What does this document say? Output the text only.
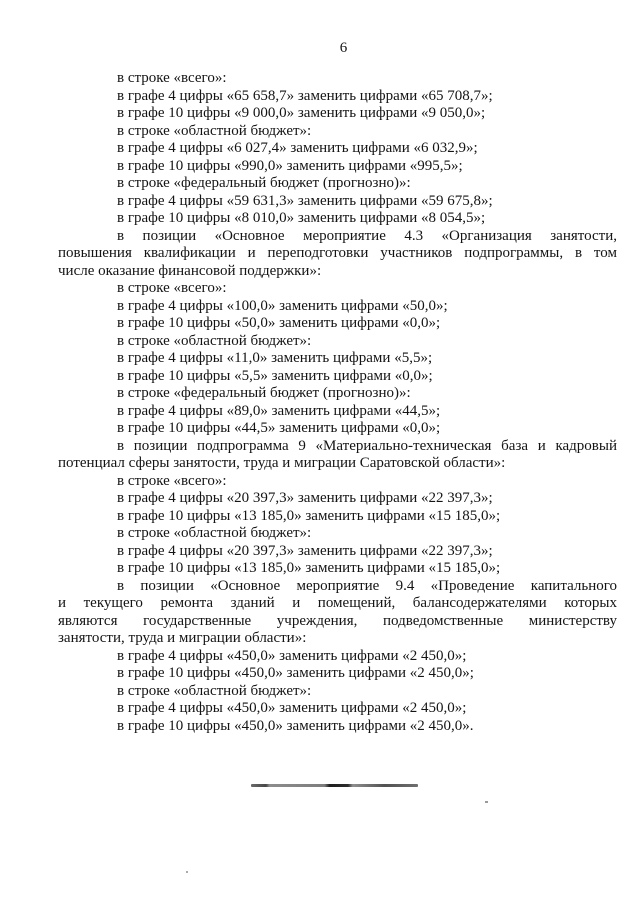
6
в строке «всего»:
в графе 4 цифры «65 658,7» заменить цифрами «65 708,7»;
в графе 10 цифры «9 000,0» заменить цифрами «9 050,0»;
в строке «областной бюджет»:
в графе 4 цифры «6 027,4» заменить цифрами «6 032,9»;
в графе 10 цифры «990,0» заменить цифрами «995,5»;
в строке «федеральный бюджет (прогнозно)»:
в графе 4 цифры «59 631,3» заменить цифрами «59 675,8»;
в графе 10 цифры «8 010,0» заменить цифрами «8 054,5»;
в позиции «Основное мероприятие 4.3 «Организация занятости,
повышения квалификации и переподготовки участников подпрограммы, в том
числе оказание финансовой поддержки»:
в строке «всего»:
в графе 4 цифры «100,0» заменить цифрами «50,0»;
в графе 10 цифры «50,0» заменить цифрами «0,0»;
в строке «областной бюджет»:
в графе 4 цифры «11,0» заменить цифрами «5,5»;
в графе 10 цифры «5,5» заменить цифрами «0,0»;
в строке «федеральный бюджет (прогнозно)»:
в графе 4 цифры «89,0» заменить цифрами «44,5»;
в графе 10 цифры «44,5» заменить цифрами «0,0»;
в позиции подпрограмма 9 «Материально-техническая база и кадровый
потенциал сферы занятости, труда и миграции Саратовской области»:
в строке «всего»:
в графе 4 цифры «20 397,3» заменить цифрами «22 397,3»;
в графе 10 цифры «13 185,0» заменить цифрами «15 185,0»;
в строке «областной бюджет»:
в графе 4 цифры «20 397,3» заменить цифрами «22 397,3»;
в графе 10 цифры «13 185,0» заменить цифрами «15 185,0»;
в позиции «Основное мероприятие 9.4 «Проведение капитального
и текущего ремонта зданий и помещений, балансодержателями которых
являются государственные учреждения, подведомственные министерству
занятости, труда и миграции области»:
в графе 4 цифры «450,0» заменить цифрами «2 450,0»;
в графе 10 цифры «450,0» заменить цифрами «2 450,0»;
в строке «областной бюджет»:
в графе 4 цифры «450,0» заменить цифрами «2 450,0»;
в графе 10 цифры «450,0» заменить цифрами «2 450,0».
